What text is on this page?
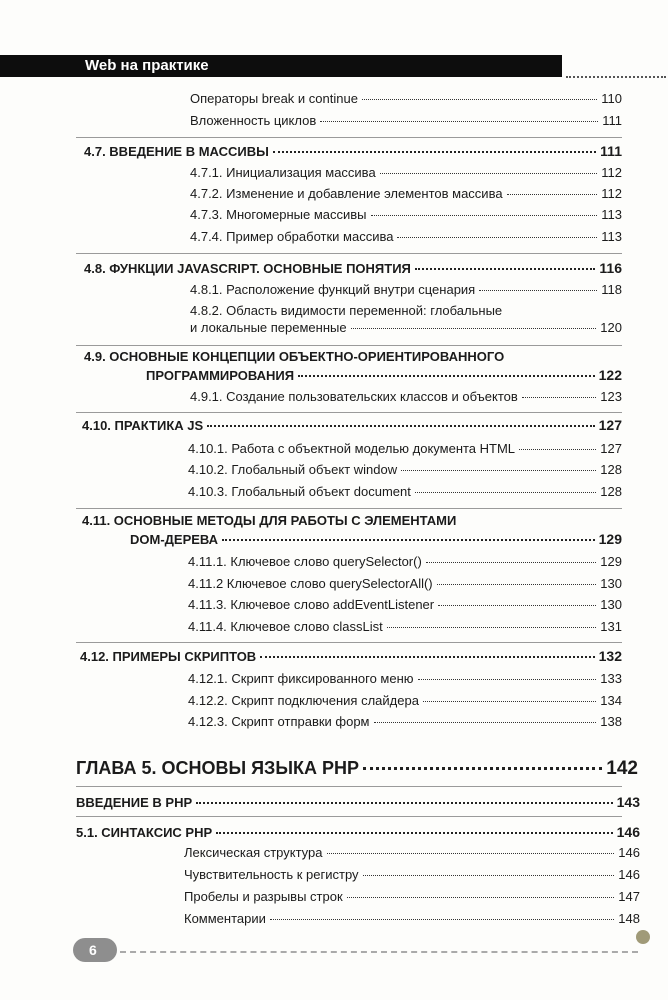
Web на практике
Операторы break и continue	110
Вложенность циклов	111
4.7. ВВЕДЕНИЕ В МАССИВЫ	111
4.7.1. Инициализация массива	112
4.7.2. Изменение и добавление элементов массива	112
4.7.3. Многомерные массивы	113
4.7.4. Пример обработки массива	113
4.8. ФУНКЦИИ JAVASCRIPT. ОСНОВНЫЕ ПОНЯТИЯ	116
4.8.1. Расположение функций внутри сценария	118
4.8.2. Область видимости переменной: глобальные
и локальные переменные	120
4.9. ОСНОВНЫЕ КОНЦЕПЦИИ ОБЪЕКТНО-ОРИЕНТИРОВАННОГО
ПРОГРАММИРОВАНИЯ	122
4.9.1. Создание пользовательских классов и объектов	123
4.10. ПРАКТИКА JS	127
4.10.1. Работа с объектной моделью документа HTML	127
4.10.2. Глобальный объект window	128
4.10.3. Глобальный объект document	128
4.11. ОСНОВНЫЕ МЕТОДЫ ДЛЯ РАБОТЫ С ЭЛЕМЕНТАМИ
DOM-ДЕРЕВА	129
4.11.1. Ключевое слово querySelector()	129
4.11.2 Ключевое слово querySelectorAll()	130
4.11.3. Ключевое слово addEventListener	130
4.11.4. Ключевое слово classList	131
4.12. ПРИМЕРЫ СКРИПТОВ	132
4.12.1. Скрипт фиксированного меню	133
4.12.2. Скрипт подключения слайдера	134
4.12.3. Скрипт отправки форм	138
ГЛАВА 5. ОСНОВЫ ЯЗЫКА PHP	142
ВВЕДЕНИЕ В PHP	143
5.1. СИНТАКСИС PHP	146
Лексическая структура	146
Чувствительность к регистру	146
Пробелы и разрывы строк	147
Комментарии	148
6
